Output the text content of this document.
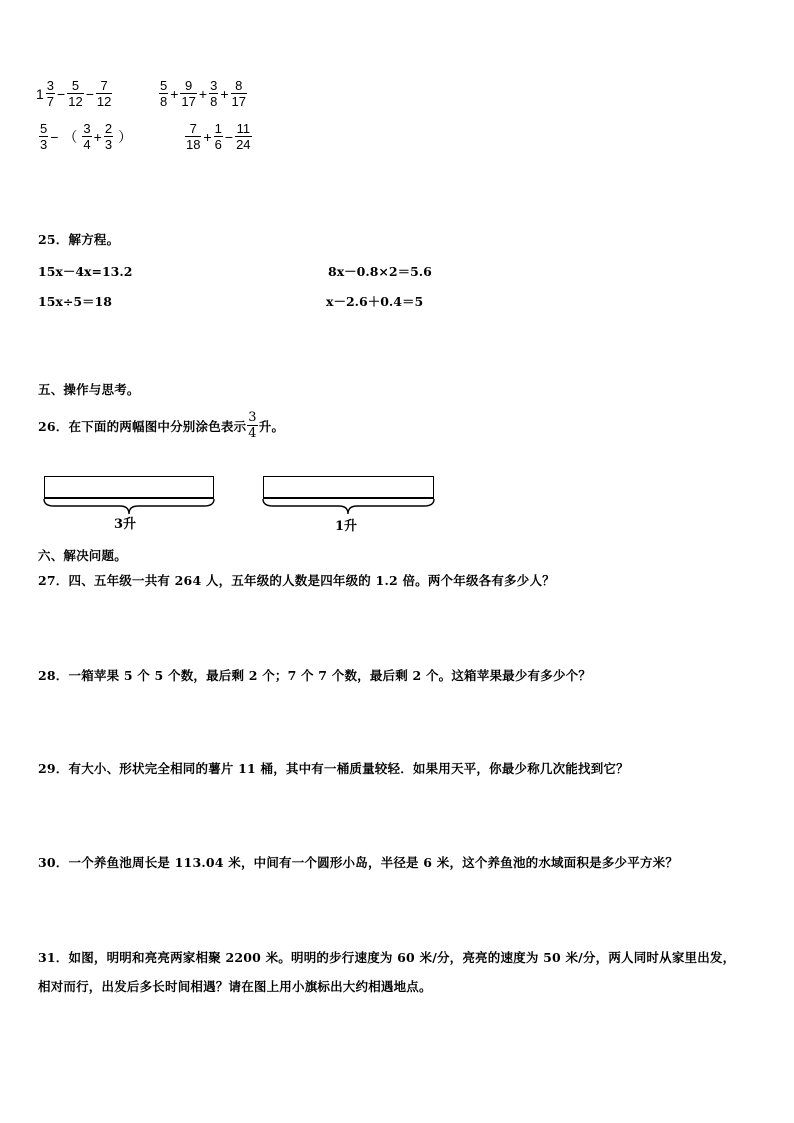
$1 \frac{3}{7} - \frac{5}{12} - \frac{7}{12}$	$\frac{5}{8} + \frac{9}{17} + \frac{3}{8} + \frac{8}{17}$
$\frac{5}{3}$ − （ $\frac{3}{4} + \frac{2}{3}$ ）	$\frac{7}{18} + \frac{1}{6} - \frac{11}{24}$
25．解方程。
15x－4x=13.2	8x－0.8×2＝5.6
15x÷5＝18	x－2.6＋0.4＝5
五、操作与思考。
26．在下面的两幅图中分别涂色表示 $\frac{3}{4}$ 升。
3升	1升
六、解决问题。
27．四、五年级一共有 264 人，五年级的人数是四年级的 1.2 倍。两个年级各有多少人？
28．一箱苹果 5 个 5 个数，最后剩 2 个；7 个 7 个数，最后剩 2 个。这箱苹果最少有多少个？
29．有大小、形状完全相同的薯片 11 桶，其中有一桶质量较轻．如果用天平，你最少称几次能找到它？
30．一个养鱼池周长是 113.04 米，中间有一个圆形小岛，半径是 6 米，这个养鱼池的水域面积是多少平方米？
31．如图，明明和亮亮两家相聚 2200 米。明明的步行速度为 60 米/分，亮亮的速度为 50 米/分，两人同时从家里出发，
相对而行，出发后多长时间相遇？请在图上用小旗标出大约相遇地点。
